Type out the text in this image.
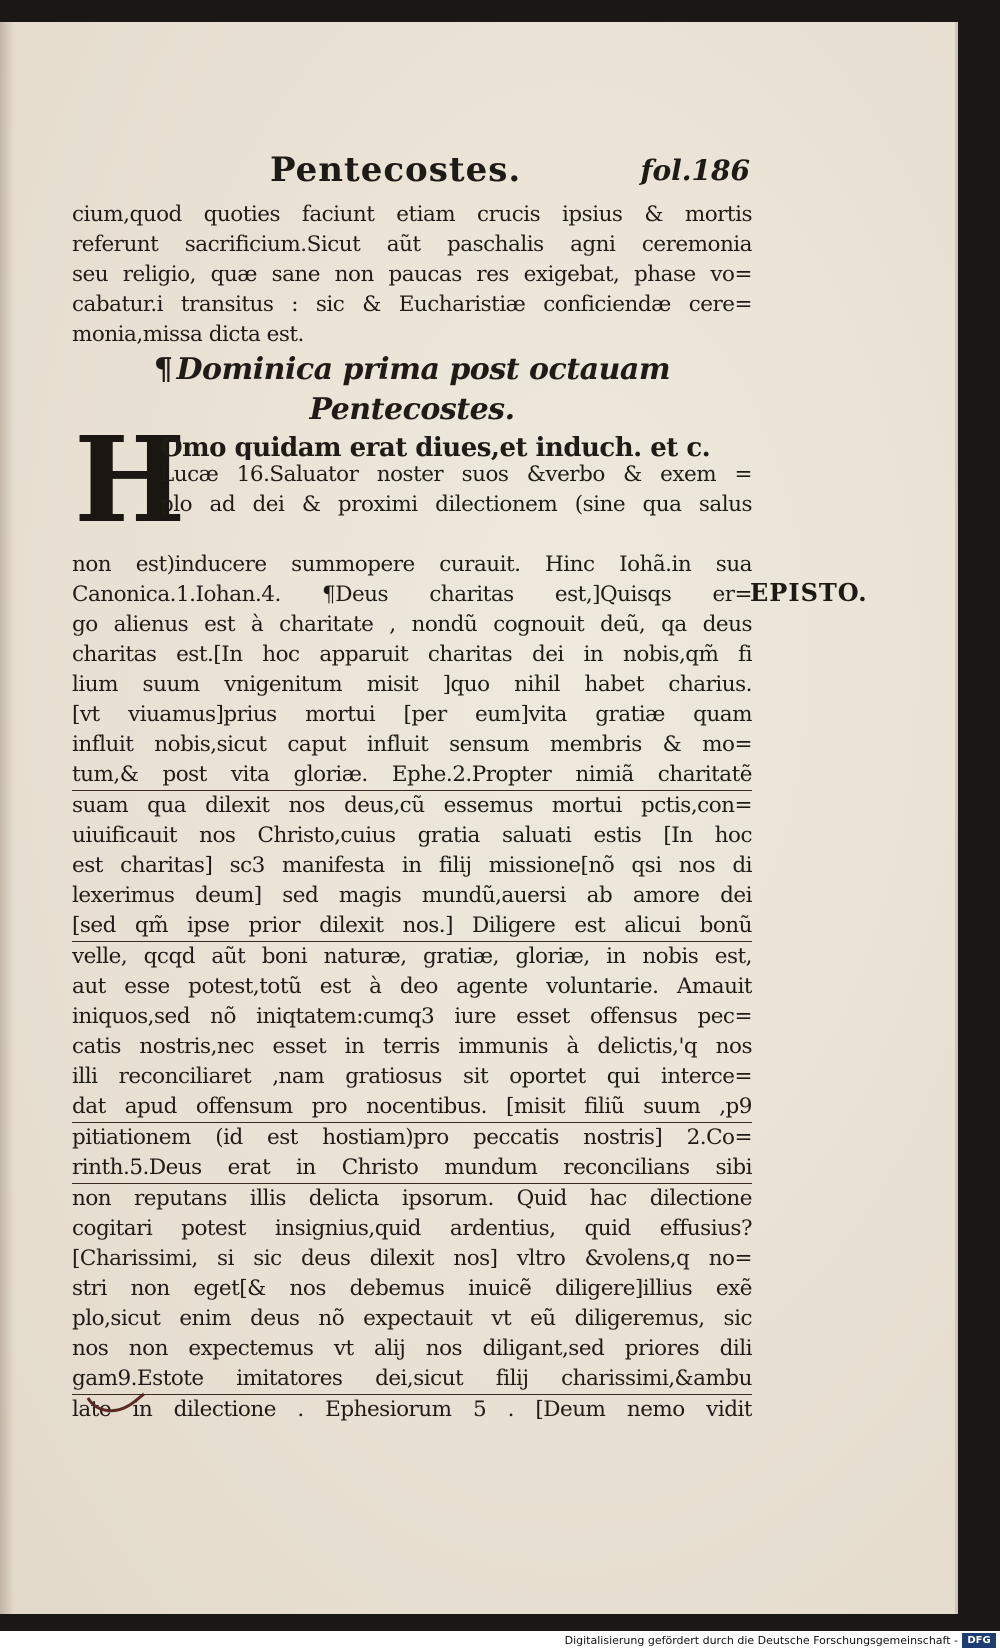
Pentecostes.	fol.186
EPISTO.
cium,quod quoties faciunt etiam crucis ipsius & mortis
referunt sacrificium.Sicut aũt paschalis agni ceremonia
seu religio, quæ sane non paucas res exigebat, phase vo=
cabatur.i transitus : sic & Eucharistiæ conficiendæ cere=
monia,missa dicta est.
¶ Dominica prima post octauam
Pentecostes.
H
Omo quidam erat diues,et induch. et c.
Lucæ 16.Saluator noster suos &verbo & exem =
plo ad dei & proximi dilectionem (sine qua salus
non est)inducere summopere curauit. Hinc Iohã.in sua
Canonica.1.Iohan.4. ¶Deus charitas est,]Quisqs er=
go alienus est à charitate , nondũ cognouit deũ, qa deus
charitas est.[In hoc apparuit charitas dei in nobis,qm̃ fi
lium suum vnigenitum misit ]quo nihil habet charius.
[vt viuamus]prius mortui [per eum]vita gratiæ quam
influit nobis,sicut caput influit sensum membris & mo=
tum,& post vita gloriæ. Ephe.2.Propter nimiã charitatẽ
suam qua dilexit nos deus,cũ essemus mortui pctis,con=
uiuificauit nos Christo,cuius gratia saluati estis [In hoc
est charitas] sc3 manifesta in filij missione[nõ qsi nos di
lexerimus deum] sed magis mundũ,auersi ab amore dei
[sed qm̃ ipse prior dilexit nos.] Diligere est alicui bonũ
velle, qcqd aũt boni naturæ, gratiæ, gloriæ, in nobis est,
aut esse potest,totũ est à deo agente voluntarie. Amauit
iniquos,sed nõ iniqtatem:cumq3 iure esset offensus pec=
catis nostris,nec esset in terris immunis à delictis,'q nos
illi reconciliaret ,nam gratiosus sit oportet qui interce=
dat apud offensum pro nocentibus. [misit filiũ suum ,p9
pitiationem (id est hostiam)pro peccatis nostris] 2.Co=
rinth.5.Deus erat in Christo mundum reconcilians sibi
non reputans illis delicta ipsorum. Quid hac dilectione
cogitari potest insignius,quid ardentius, quid effusius?
[Charissimi, si sic deus dilexit nos] vltro &volens,q no=
stri non eget[& nos debemus inuicẽ diligere]illius exẽ
plo,sicut enim deus nõ expectauit vt eũ diligeremus, sic
nos non expectemus vt alij nos diligant,sed priores dili
gam9.Estote imitatores dei,sicut filij charissimi,&ambu
late in dilectione . Ephesiorum 5 . [Deum nemo vidit
Digitalisierung gefördert durch die Deutsche Forschungsgemeinschaft - DFG
